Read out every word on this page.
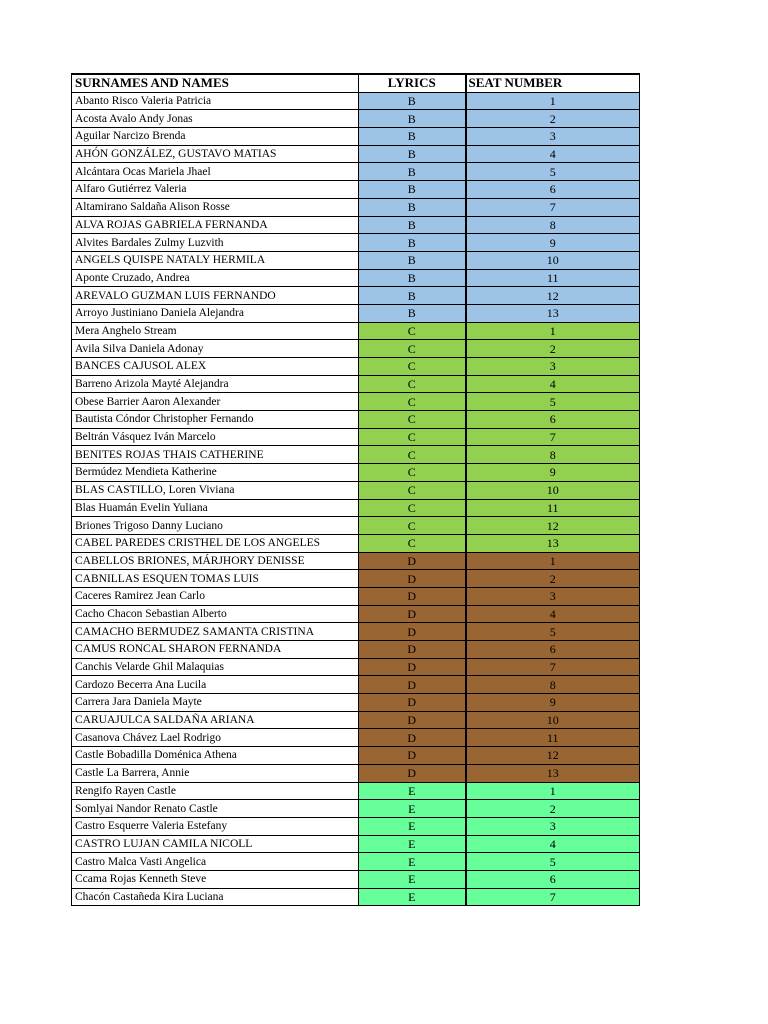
SURNAMES AND NAMES	LYRICS	SEAT NUMBER
Abanto Risco Valeria Patricia	B	1
Acosta Avalo Andy Jonas	B	2
Aguilar Narcizo Brenda	B	3
AHÓN GONZÁLEZ, GUSTAVO MATIAS	B	4
Alcántara Ocas Mariela Jhael	B	5
Alfaro Gutiérrez Valeria	B	6
Altamirano Saldaña Alison Rosse	B	7
ALVA ROJAS GABRIELA FERNANDA	B	8
Alvites Bardales Zulmy Luzvith	B	9
ANGELS QUISPE NATALY HERMILA	B	10
Aponte Cruzado, Andrea	B	11
AREVALO GUZMAN LUIS FERNANDO	B	12
Arroyo Justiniano Daniela Alejandra	B	13
Mera Anghelo Stream	C	1
Avila Silva Daniela Adonay	C	2
BANCES CAJUSOL ALEX	C	3
Barreno Arizola Mayté Alejandra	C	4
Obese Barrier Aaron Alexander	C	5
Bautista Cóndor Christopher Fernando	C	6
Beltrán Vásquez Iván Marcelo	C	7
BENITES ROJAS THAIS CATHERINE	C	8
Bermúdez Mendieta Katherine	C	9
BLAS CASTILLO, Loren Viviana	C	10
Blas Huamán Evelin Yuliana	C	11
Briones Trigoso Danny Luciano	C	12
CABEL PAREDES CRISTHEL DE LOS ANGELES	C	13
CABELLOS BRIONES, MÁRJHORY DENISSE	D	1
CABNILLAS ESQUEN TOMAS LUIS	D	2
Caceres Ramirez Jean Carlo	D	3
Cacho Chacon Sebastian Alberto	D	4
CAMACHO BERMUDEZ SAMANTA CRISTINA	D	5
CAMUS RONCAL SHARON FERNANDA	D	6
Canchis Velarde Ghil Malaquias	D	7
Cardozo Becerra Ana Lucila	D	8
Carrera Jara Daniela Mayte	D	9
CARUAJULCA SALDAÑA ARIANA	D	10
Casanova Chávez Lael Rodrigo	D	11
Castle Bobadilla Doménica Athena	D	12
Castle La Barrera, Annie	D	13
Rengifo Rayen Castle	E	1
Somlyai Nandor Renato Castle	E	2
Castro Esquerre Valeria Estefany	E	3
CASTRO LUJAN CAMILA NICOLL	E	4
Castro Malca Vasti Angelica	E	5
Ccama Rojas Kenneth Steve	E	6
Chacón Castañeda Kira Luciana	E	7
